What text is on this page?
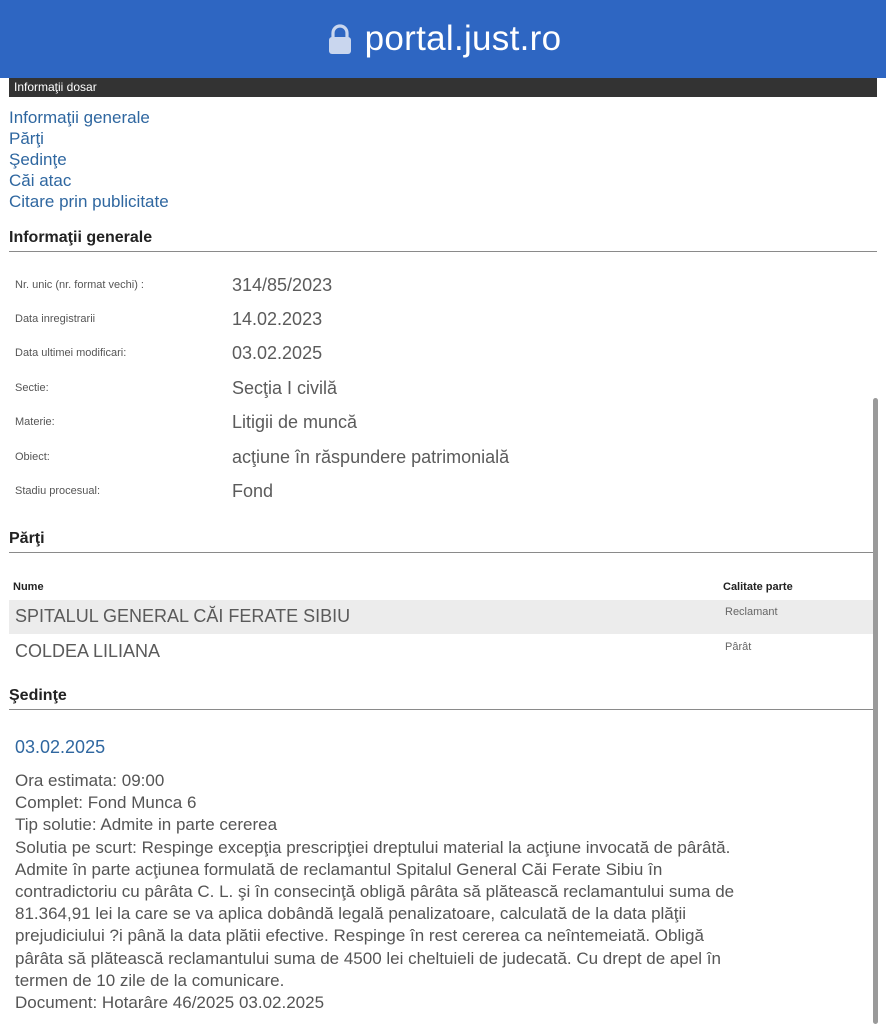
portal.just.ro
Informaţii dosar
Informaţii generale
Părţi
Şedinţe
Căi atac
Citare prin publicitate
Informaţii generale
Nr. unic (nr. format vechi) :	314/85/2023
Data inregistrarii	14.02.2023
Data ultimei modificari:	03.02.2025
Sectie:	Secţia I civilă
Materie:	Litigii de muncă
Obiect:	acţiune în răspundere patrimonială
Stadiu procesual:	Fond
Părţi
Nume	Calitate parte
SPITALUL GENERAL CĂI FERATE SIBIU	Reclamant
COLDEA LILIANA	Pârât
Şedinţe
03.02.2025
Ora estimata: 09:00
Complet: Fond Munca 6
Tip solutie: Admite in parte cererea
Solutia pe scurt: Respinge excepţia prescripţiei dreptului material la acţiune invocată de pârâtă.
Admite în parte acţiunea formulată de reclamantul Spitalul General Căi Ferate Sibiu în
contradictoriu cu pârâta C. L. şi în consecinţă obligă pârâta să plătească reclamantului suma de
81.364,91 lei la care se va aplica dobândă legală penalizatoare, calculată de la data plăţii
prejudiciului ?i până la data plătii efective. Respinge în rest cererea ca neîntemeiată. Obligă
pârâta să plătească reclamantului suma de 4500 lei cheltuieli de judecată. Cu drept de apel în
termen de 10 zile de la comunicare.
Document: Hotarâre 46/2025 03.02.2025
